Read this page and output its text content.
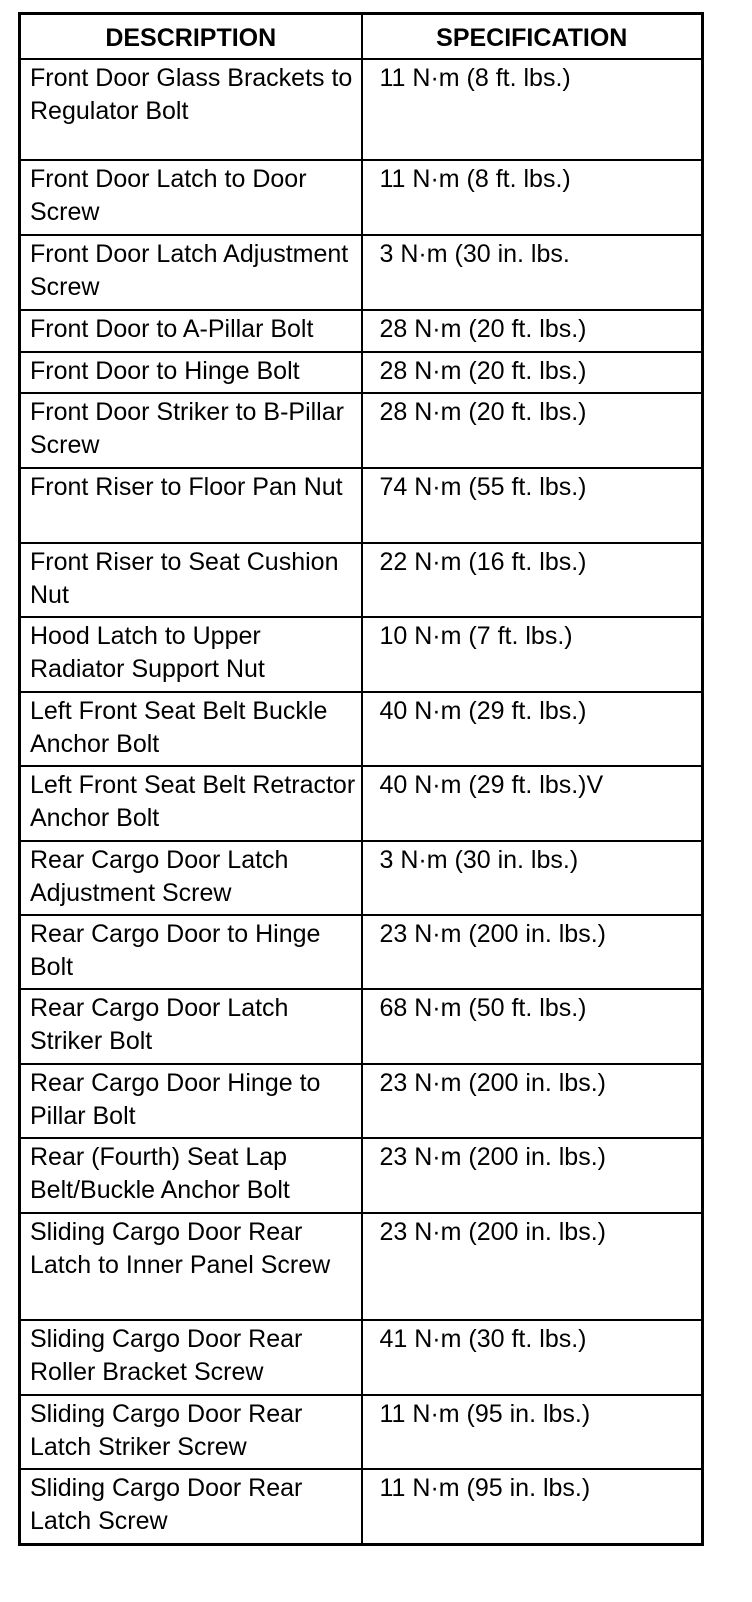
DESCRIPTION	SPECIFICATION
Front Door Glass Brackets to Regulator Bolt	11 N·m (8 ft. lbs.)
Front Door Latch to Door Screw	11 N·m (8 ft. lbs.)
Front Door Latch Adjustment Screw	3 N·m (30 in. lbs.
Front Door to A-Pillar Bolt	28 N·m (20 ft. lbs.)
Front Door to Hinge Bolt	28 N·m (20 ft. lbs.)
Front Door Striker to B-Pillar Screw	28 N·m (20 ft. lbs.)
Front Riser to Floor Pan Nut	74 N·m (55 ft. lbs.)
Front Riser to Seat Cushion Nut	22 N·m (16 ft. lbs.)
Hood Latch to Upper Radiator Support Nut	10 N·m (7 ft. lbs.)
Left Front Seat Belt Buckle Anchor Bolt	40 N·m (29 ft. lbs.)
Left Front Seat Belt Retractor Anchor Bolt	40 N·m (29 ft. lbs.)V
Rear Cargo Door Latch Adjustment Screw	3 N·m (30 in. lbs.)
Rear Cargo Door to Hinge Bolt	23 N·m (200 in. lbs.)
Rear Cargo Door Latch Striker Bolt	68 N·m (50 ft. lbs.)
Rear Cargo Door Hinge to Pillar Bolt	23 N·m (200 in. lbs.)
Rear (Fourth) Seat Lap Belt/Buckle Anchor Bolt	23 N·m (200 in. lbs.)
Sliding Cargo Door Rear Latch to Inner Panel Screw	23 N·m (200 in. lbs.)
Sliding Cargo Door Rear Roller Bracket Screw	41 N·m (30 ft. lbs.)
Sliding Cargo Door Rear Latch Striker Screw	11 N·m (95 in. lbs.)
Sliding Cargo Door Rear Latch Screw	11 N·m (95 in. lbs.)
